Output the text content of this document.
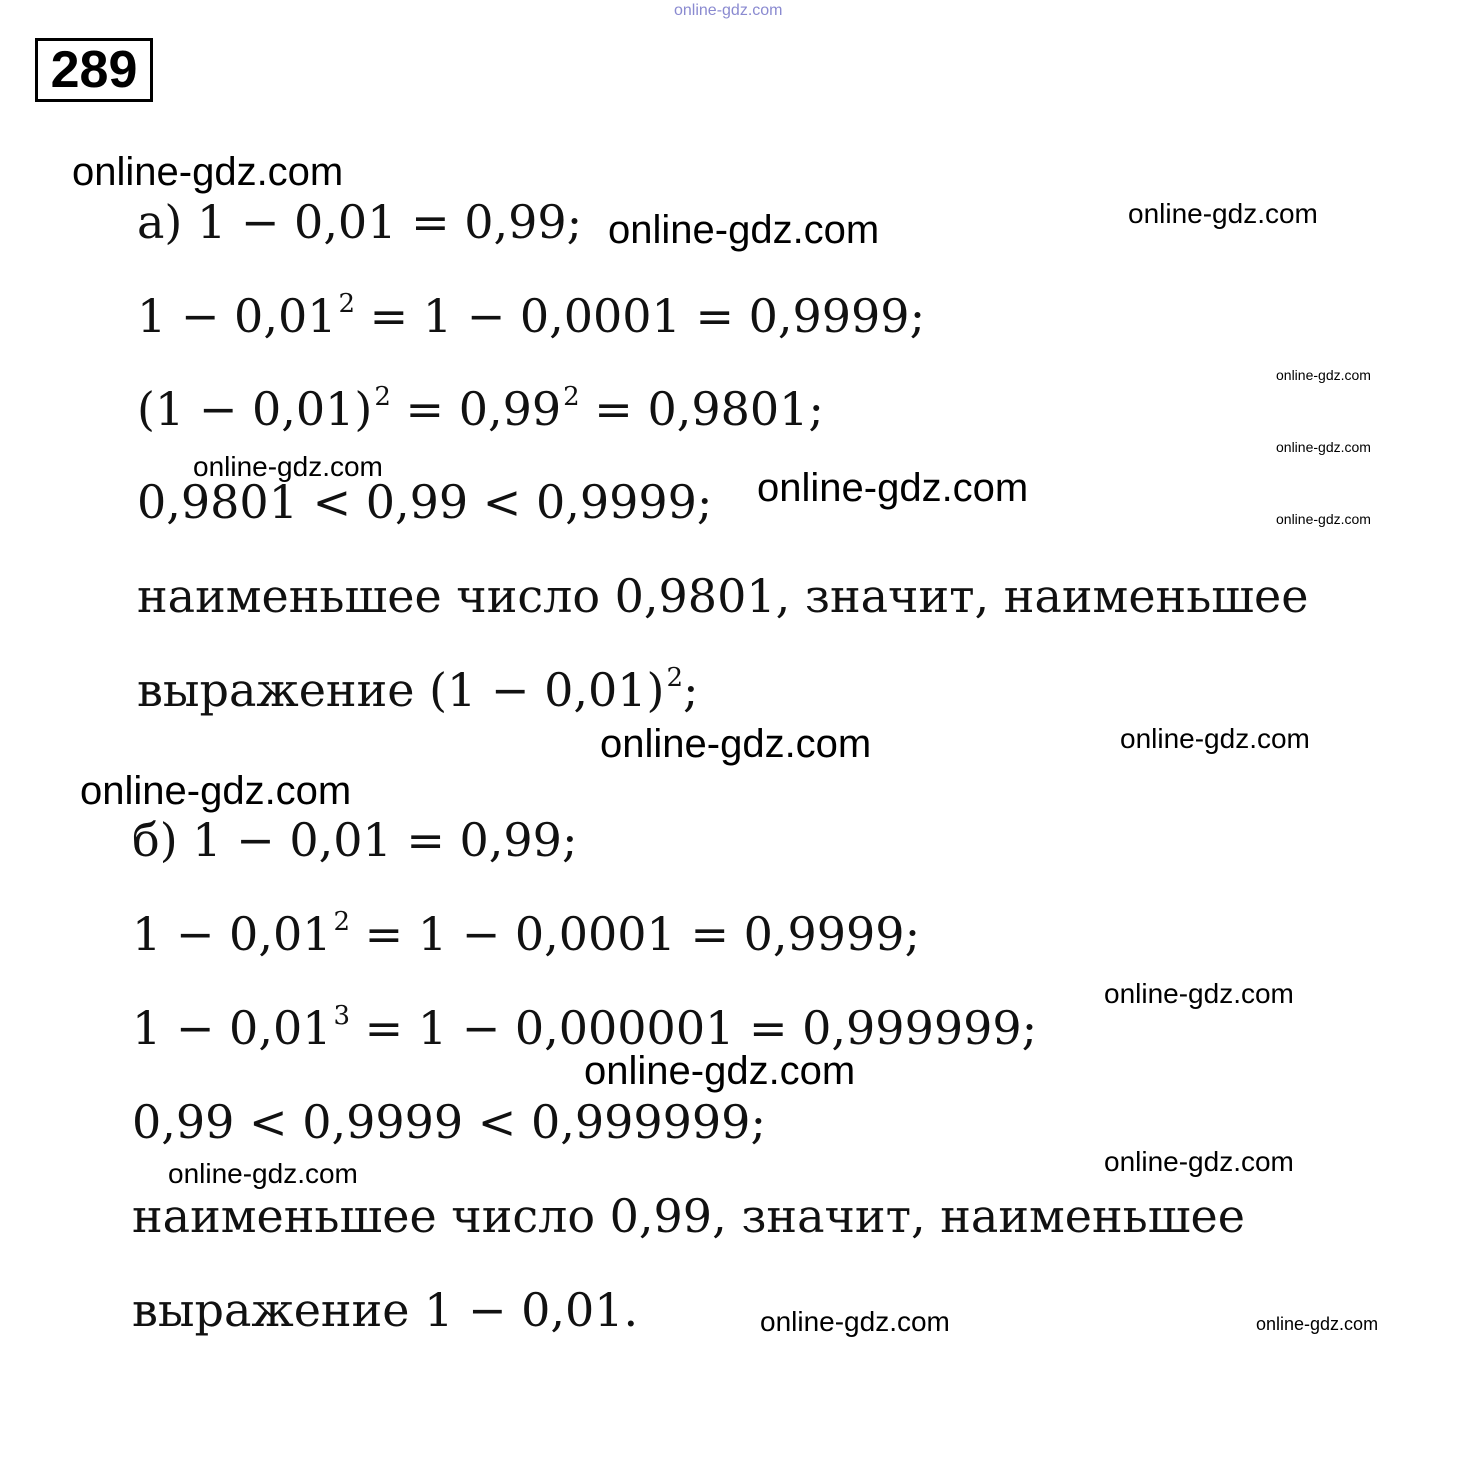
online-gdz.com
289
а) 1 − 0,01 = 0,99;
$1 - 0,01^2 = 1 - 0,0001 = 0,9999$;
$(1 - 0,01)^2 = 0,99^2 = 0,9801$;
0,9801 < 0,99 < 0,9999;
наименьшее число 0,9801, значит, наименьшее
выражение $(1 - 0,01)^2$;
б) 1 − 0,01 = 0,99;
$1 - 0,01^2 = 1 - 0,0001 = 0,9999$;
$1 - 0,01^3 = 1 - 0,000001 = 0,999999$;
0,99 < 0,9999 < 0,999999;
наименьшее число 0,99, значит, наименьшее
выражение 1 − 0,01.
online-gdz.com
online-gdz.com	online-gdz.com
online-gdz.com
online-gdz.com
online-gdz.com
online-gdz.com	online-gdz.com
online-gdz.com	online-gdz.com
online-gdz.com
online-gdz.com
online-gdz.com
online-gdz.com	online-gdz.com
online-gdz.com	online-gdz.com
